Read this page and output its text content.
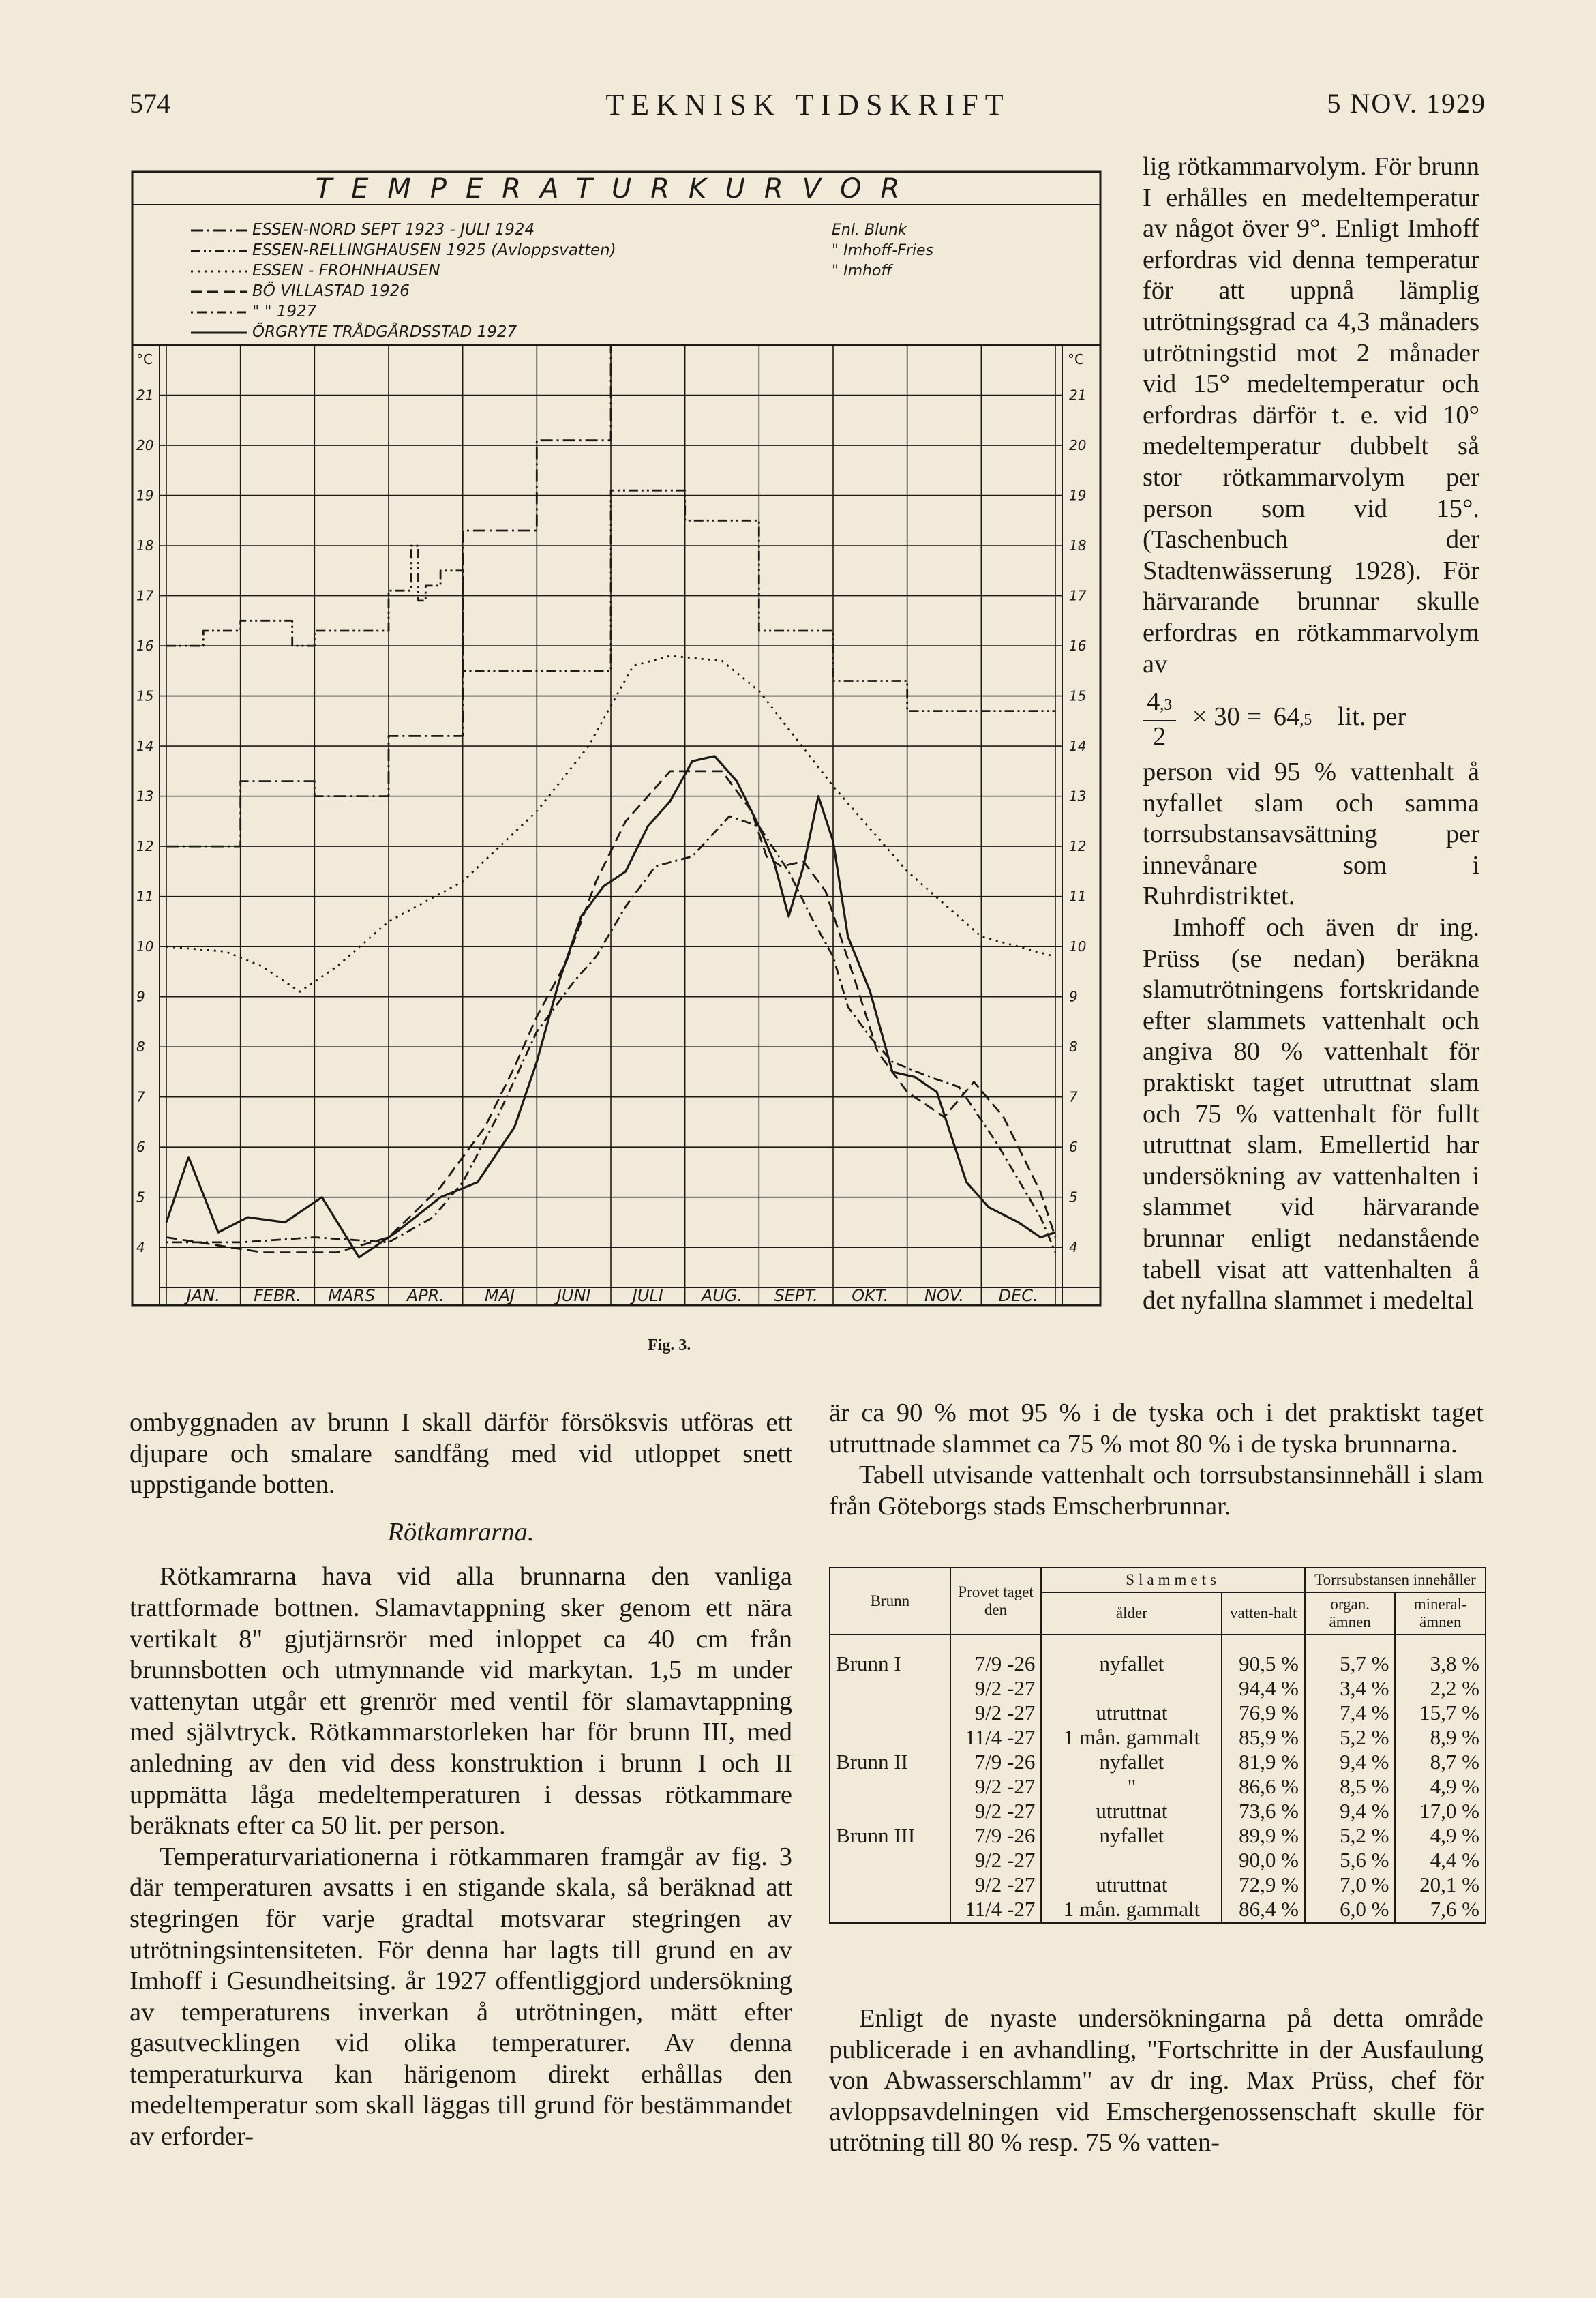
574	TEKNISK TIDSKRIFT	5 NOV. 1929
TEMPERATURKURVOR
ESSEN-NORD SEPT 1923 - JULI 1924	Enl. Blunk
ESSEN-RELLINGHAUSEN 1925 (Avloppsvatten)	" Imhoff-Fries
ESSEN - FROHNHAUSEN	" Imhoff
BÖ VILLASTAD 1926
" " 1927
ÖRGRYTE TRÅDGÅRDSSTAD 1927
°C	°C
4	4
5	5
6	6
7	7
8	8
9	9
10	10
11	11
12	12
13	13
14	14
15	15
16	16
17	17
18	18
19	19
20	20
21	21
JAN. FEBR. MARS APR. MAJ	JUNI	JULI AUG. SEPT. OKT. NOV. DEC.
Fig. 3.

lig rötkammarvolym. För brunn I erhålles en medeltemperatur av något över 9°. Enligt Imhoff erfordras vid denna temperatur för att uppnå lämplig utrötningsgrad ca 4,3 månaders utrötningstid mot 2 månader vid 15° medeltemperatur och erfordras därför t. e. vid 10° medeltemperatur dubbelt så stor rötkammarvolym per person som vid 15°. (Taschenbuch der Stadtenwässerung 1928). För härvarande brunnar skulle erfordras en rötkammarvolym av

$\frac{4,3}{2} \times 30 = 64,5$ lit. per

person vid 95 % vattenhalt å nyfallet slam och samma torrsubstansavsättning per innevånare som i Ruhrdistriktet.

Imhoff och även dr ing. Prüss (se nedan) beräkna slamutrötningens fortskridande efter slammets vattenhalt och angiva 80 % vattenhalt för praktiskt taget utruttnat slam och 75 % vattenhalt för fullt utruttnat slam. Emellertid har undersökning av vattenhalten i slammet vid härvarande brunnar enligt nedanstående tabell visat att vattenhalten å det nyfallna slammet i medeltal

ombyggnaden av brunn I skall därför försöksvis utföras ett djupare och smalare sandfång med vid utloppet snett uppstigande botten.

Rötkamrarna.

Rötkamrarna hava vid alla brunnarna den vanliga trattformade bottnen. Slamavtappning sker genom ett nära vertikalt 8" gjutjärnsrör med inloppet ca 40 cm från brunnsbotten och utmynnande vid markytan. 1,5 m under vattenytan utgår ett grenrör med ventil för slamavtappning med självtryck. Rötkammarstorleken har för brunn III, med anledning av den vid dess konstruktion i brunn I och II uppmätta låga medeltemperaturen i dessas rötkammare beräknats efter ca 50 lit. per person.

Temperaturvariationerna i rötkammaren framgår av fig. 3 där temperaturen avsatts i en stigande skala, så beräknad att stegringen för varje gradtal motsvarar stegringen av utrötningsintensiteten. För denna har lagts till grund en av Imhoff i Gesundheitsing. år 1927 offentliggjord undersökning av temperaturens inverkan å utrötningen, mätt efter gasutvecklingen vid olika temperaturer. Av denna temperaturkurva kan härigenom direkt erhållas den medeltemperatur som skall läggas till grund för bestämmandet av erforder-

är ca 90 % mot 95 % i de tyska och i det praktiskt taget utruttnade slammet ca 75 % mot 80 % i de tyska brunnarna.

Tabell utvisande vattenhalt och torrsubstansinnehåll i slam från Göteborgs stads Emscherbrunnar.

Brunn	Provet taget den	Slammets		Torrsubstansen innehåller	
		ålder	vatten-halt	organ. ämnen	mineral-ämnen
Brunn I	7/9 -26	nyfallet	90,5 %	5,7 %	3,8 %
	9/2 -27		94,4 %	3,4 %	2,2 %
	9/2 -27	utruttnat	76,9 %	7,4 %	15,7 %
	11/4 -27	1 mån. gammalt	85,9 %	5,2 %	8,9 %
Brunn II	7/9 -26	nyfallet	81,9 %	9,4 %	8,7 %
	9/2 -27	"	86,6 %	8,5 %	4,9 %
	9/2 -27	utruttnat	73,6 %	9,4 %	17,0 %
Brunn III	7/9 -26	nyfallet	89,9 %	5,2 %	4,9 %
	9/2 -27		90,0 %	5,6 %	4,4 %
	9/2 -27	utruttnat	72,9 %	7,0 %	20,1 %
	11/4 -27	1 mån. gammalt	86,4 %	6,0 %	7,6 %

Enligt de nyaste undersökningarna på detta område publicerade i en avhandling, "Fortschritte in der Ausfaulung von Abwasserschlamm" av dr ing. Max Prüss, chef för avloppsavdelningen vid Emschergenossenschaft skulle för utrötning till 80 % resp. 75 % vatten-
